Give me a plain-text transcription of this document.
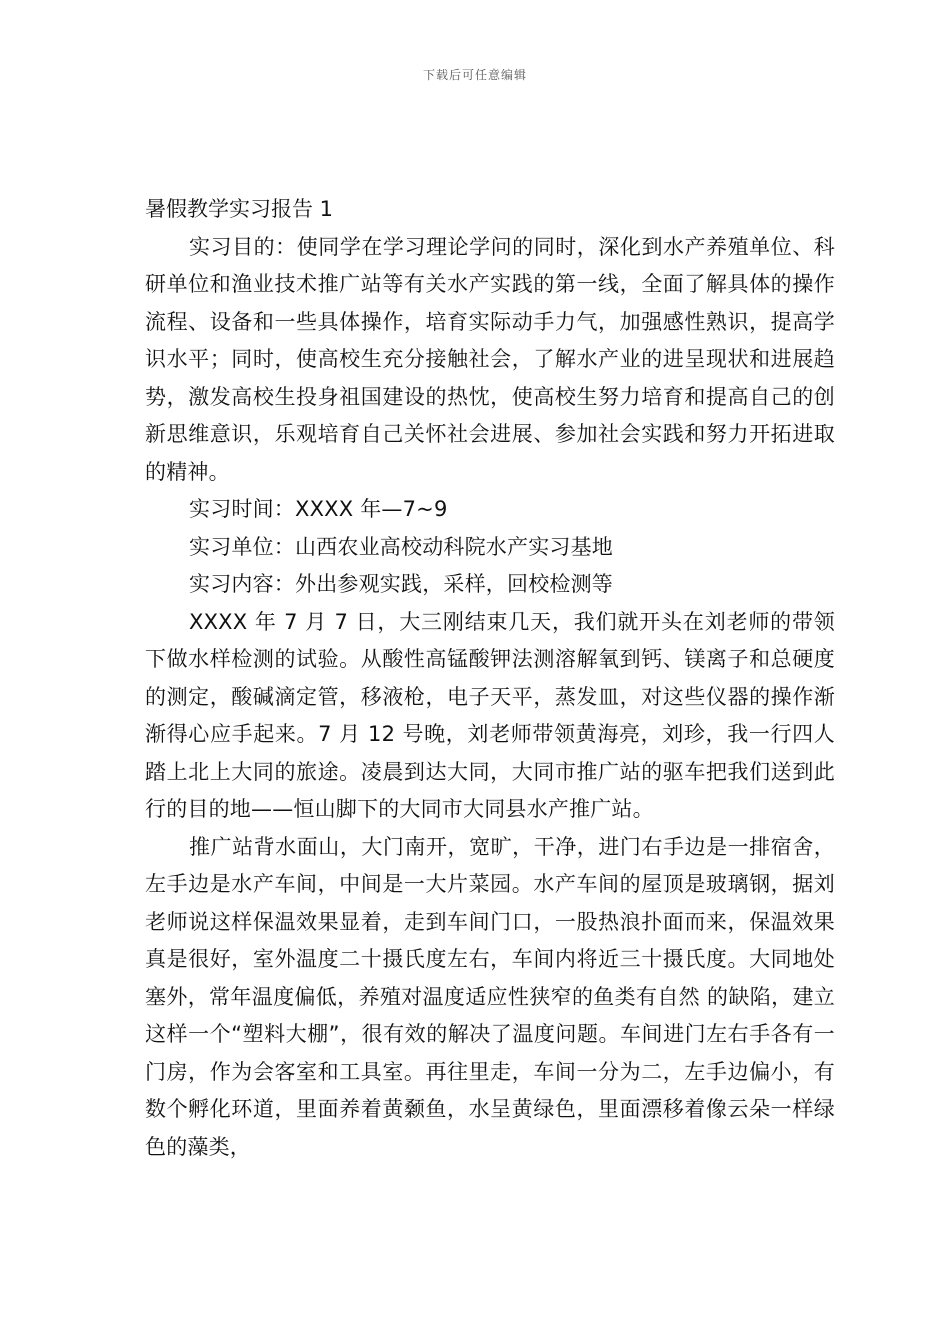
下载后可任意编辑
暑假教学实习报告 1

实习目的：使同学在学习理论学问的同时，深化到水产养殖单位、科研单位和渔业技术推广站等有关水产实践的第一线，全面了解具体的操作流程、设备和一些具体操作，培育实际动手力气，加强感性熟识，提高学识水平；同时，使高校生充分接触社会，了解水产业的进呈现状和进展趋势，激发高校生投身祖国建设的热忱，使高校生努力培育和提高自己的创新思维意识，乐观培育自己关怀社会进展、参加社会实践和努力开拓进取的精神。

实习时间：XXXX 年—7~9

实习单位：山西农业高校动科院水产实习基地

实习内容：外出参观实践，采样，回校检测等

XXXX 年 7 月 7 日，大三刚结束几天，我们就开头在刘老师的带领下做水样检测的试验。从酸性高锰酸钾法测溶解氧到钙、镁离子和总硬度的测定，酸碱滴定管，移液枪，电子天平，蒸发皿，对这些仪器的操作渐渐得心应手起来。7 月 12 号晚，刘老师带领黄海亮，刘珍，我一行四人踏上北上大同的旅途。凌晨到达大同，大同市推广站的驱车把我们送到此行的目的地——恒山脚下的大同市大同县水产推广站。

推广站背水面山，大门南开，宽旷，干净，进门右手边是一排宿舍，左手边是水产车间，中间是一大片菜园。水产车间的屋顶是玻璃钢，据刘老师说这样保温效果显着，走到车间门口，一股热浪扑面而来，保温效果真是很好，室外温度二十摄氏度左右，车间内将近三十摄氏度。大同地处塞外，常年温度偏低，养殖对温度适应性狭窄的鱼类有自然 的缺陷，建立这样一个“塑料大棚”，很有效的解决了温度问题。车间进门左右手各有一门房，作为会客室和工具室。再往里走，车间一分为二，左手边偏小，有数个孵化环道，里面养着黄颡鱼，水呈黄绿色，里面漂移着像云朵一样绿色的藻类，
